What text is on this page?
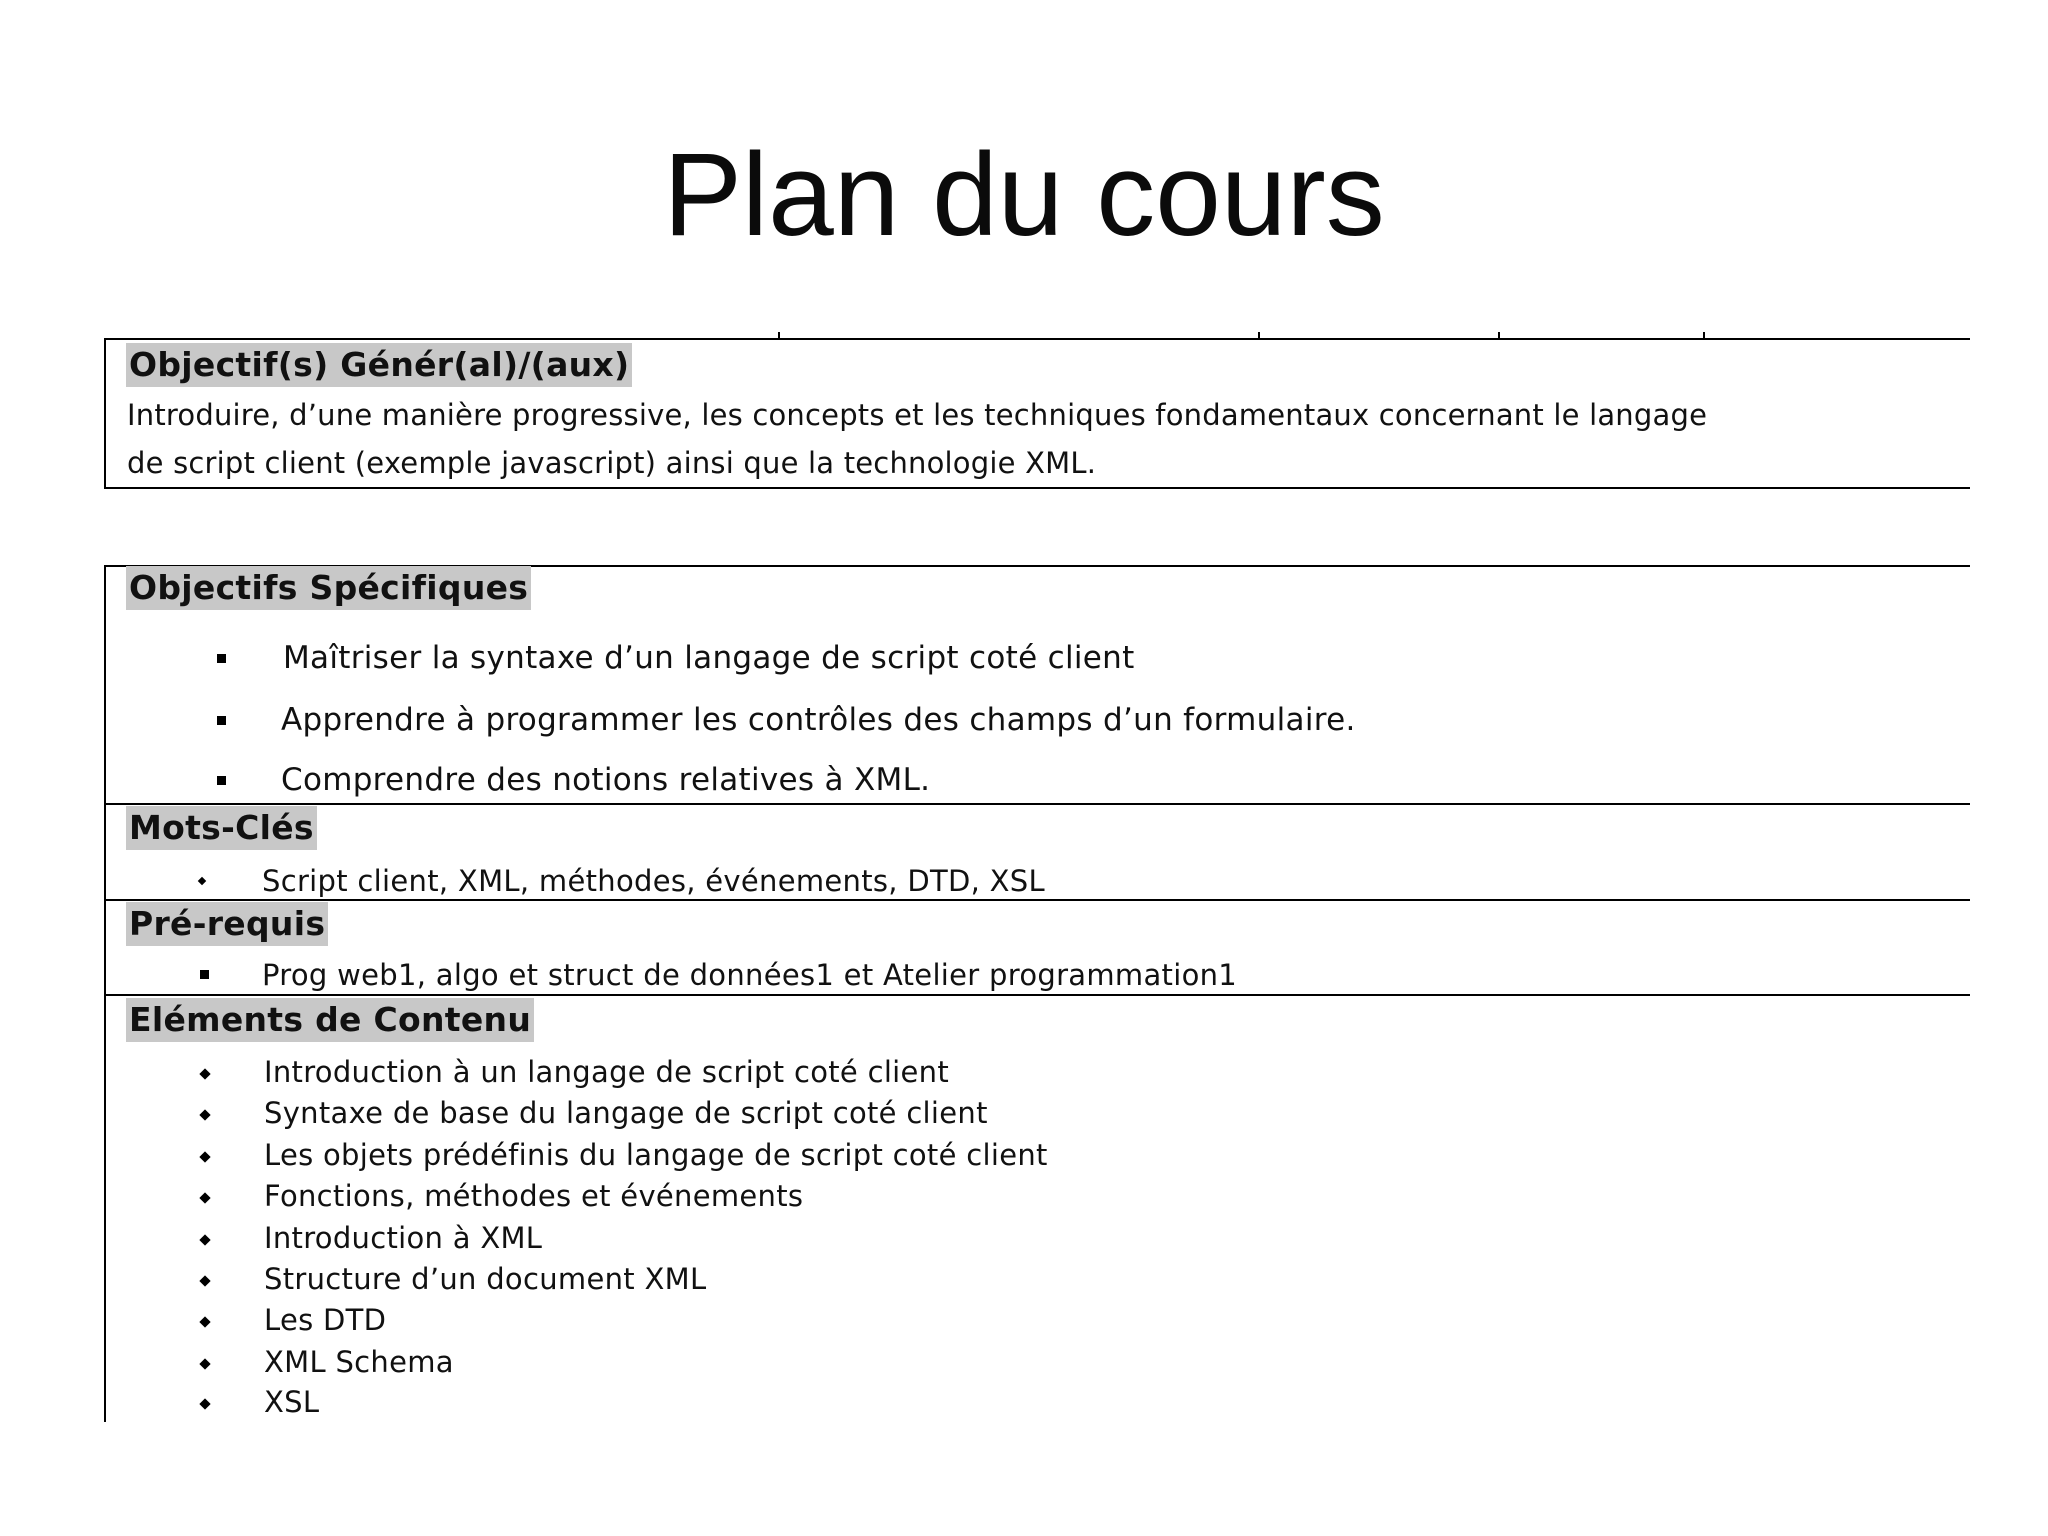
Plan du cours
Objectif(s) Génér(al)/(aux)
Introduire, d’une manière progressive, les concepts et les techniques fondamentaux concernant le langage
de script client (exemple javascript) ainsi que la technologie XML.
Objectifs Spécifiques
Maîtriser la syntaxe d’un langage de script coté client
Apprendre à programmer les contrôles des champs d’un formulaire.
Comprendre des notions relatives à XML.
Mots-Clés
Script client, XML, méthodes, événements, DTD, XSL
Pré-requis
Prog web1, algo et struct de données1 et Atelier programmation1
Eléments de Contenu
Introduction à un langage de script coté client
Syntaxe de base du langage de script coté client
Les objets prédéfinis du langage de script coté client
Fonctions, méthodes et événements
Introduction à XML
Structure d’un document XML
Les DTD
XML Schema
XSL
